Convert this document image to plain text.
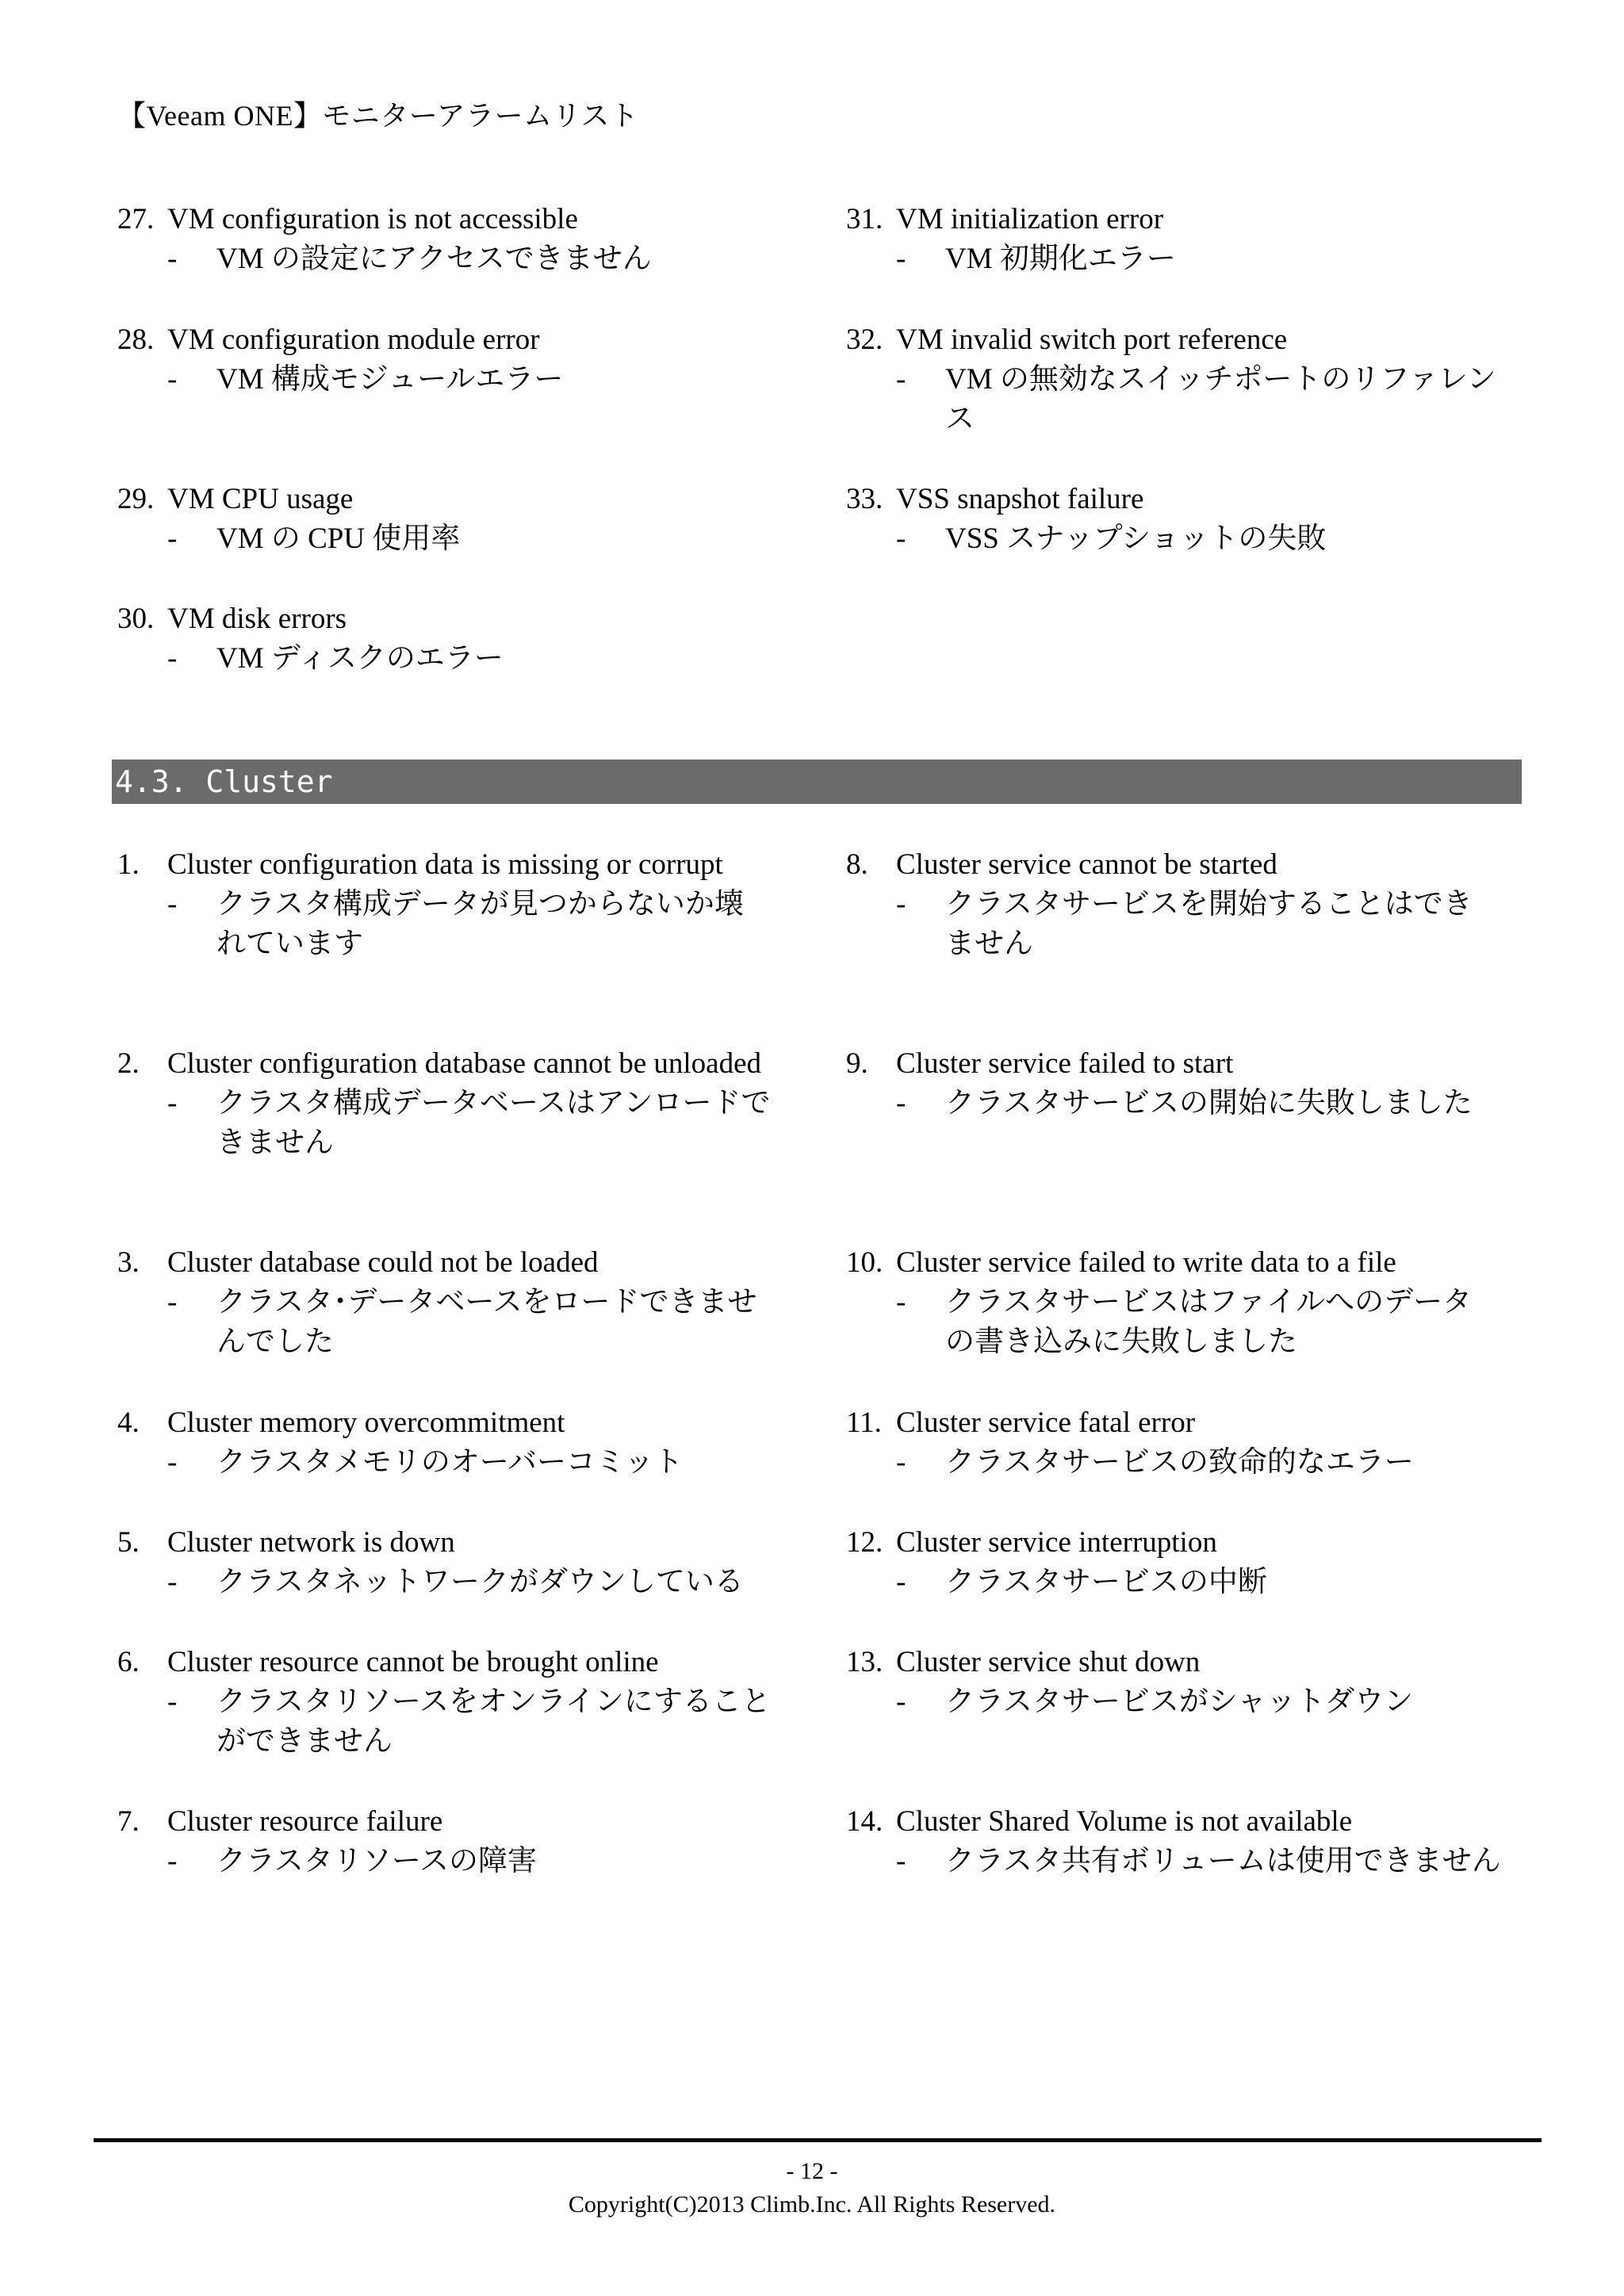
【Veeam ONE】モニターアラームリスト
27. VM configuration is not accessible
- VM の設定にアクセスできません
28. VM configuration module error
- VM 構成モジュールエラー
29. VM CPU usage
- VM の CPU 使用率
30. VM disk errors
- VM ディスクのエラー
31. VM initialization error
- VM 初期化エラー
32. VM invalid switch port reference
- VM の無効なスイッチポートのリファレンス
33. VSS snapshot failure
- VSS スナップショットの失敗
4.3. Cluster
1. Cluster configuration data is missing or corrupt
- クラスタ構成データが見つからないか壊れています
2. Cluster configuration database cannot be unloaded
- クラスタ構成データベースはアンロードできません
3. Cluster database could not be loaded
- クラスタ･データベースをロードできませんでした
4. Cluster memory overcommitment
- クラスタメモリのオーバーコミット
5. Cluster network is down
- クラスタネットワークがダウンしている
6. Cluster resource cannot be brought online
- クラスタリソースをオンラインにすることができません
7. Cluster resource failure
- クラスタリソースの障害
8. Cluster service cannot be started
- クラスタサービスを開始することはできません
9. Cluster service failed to start
- クラスタサービスの開始に失敗しました
10. Cluster service failed to write data to a file
- クラスタサービスはファイルへのデータの書き込みに失敗しました
11. Cluster service fatal error
- クラスタサービスの致命的なエラー
12. Cluster service interruption
- クラスタサービスの中断
13. Cluster service shut down
- クラスタサービスがシャットダウン
14. Cluster Shared Volume is not available
- クラスタ共有ボリュームは使用できません
- 12 -
Copyright(C)2013 Climb.Inc. All Rights Reserved.
